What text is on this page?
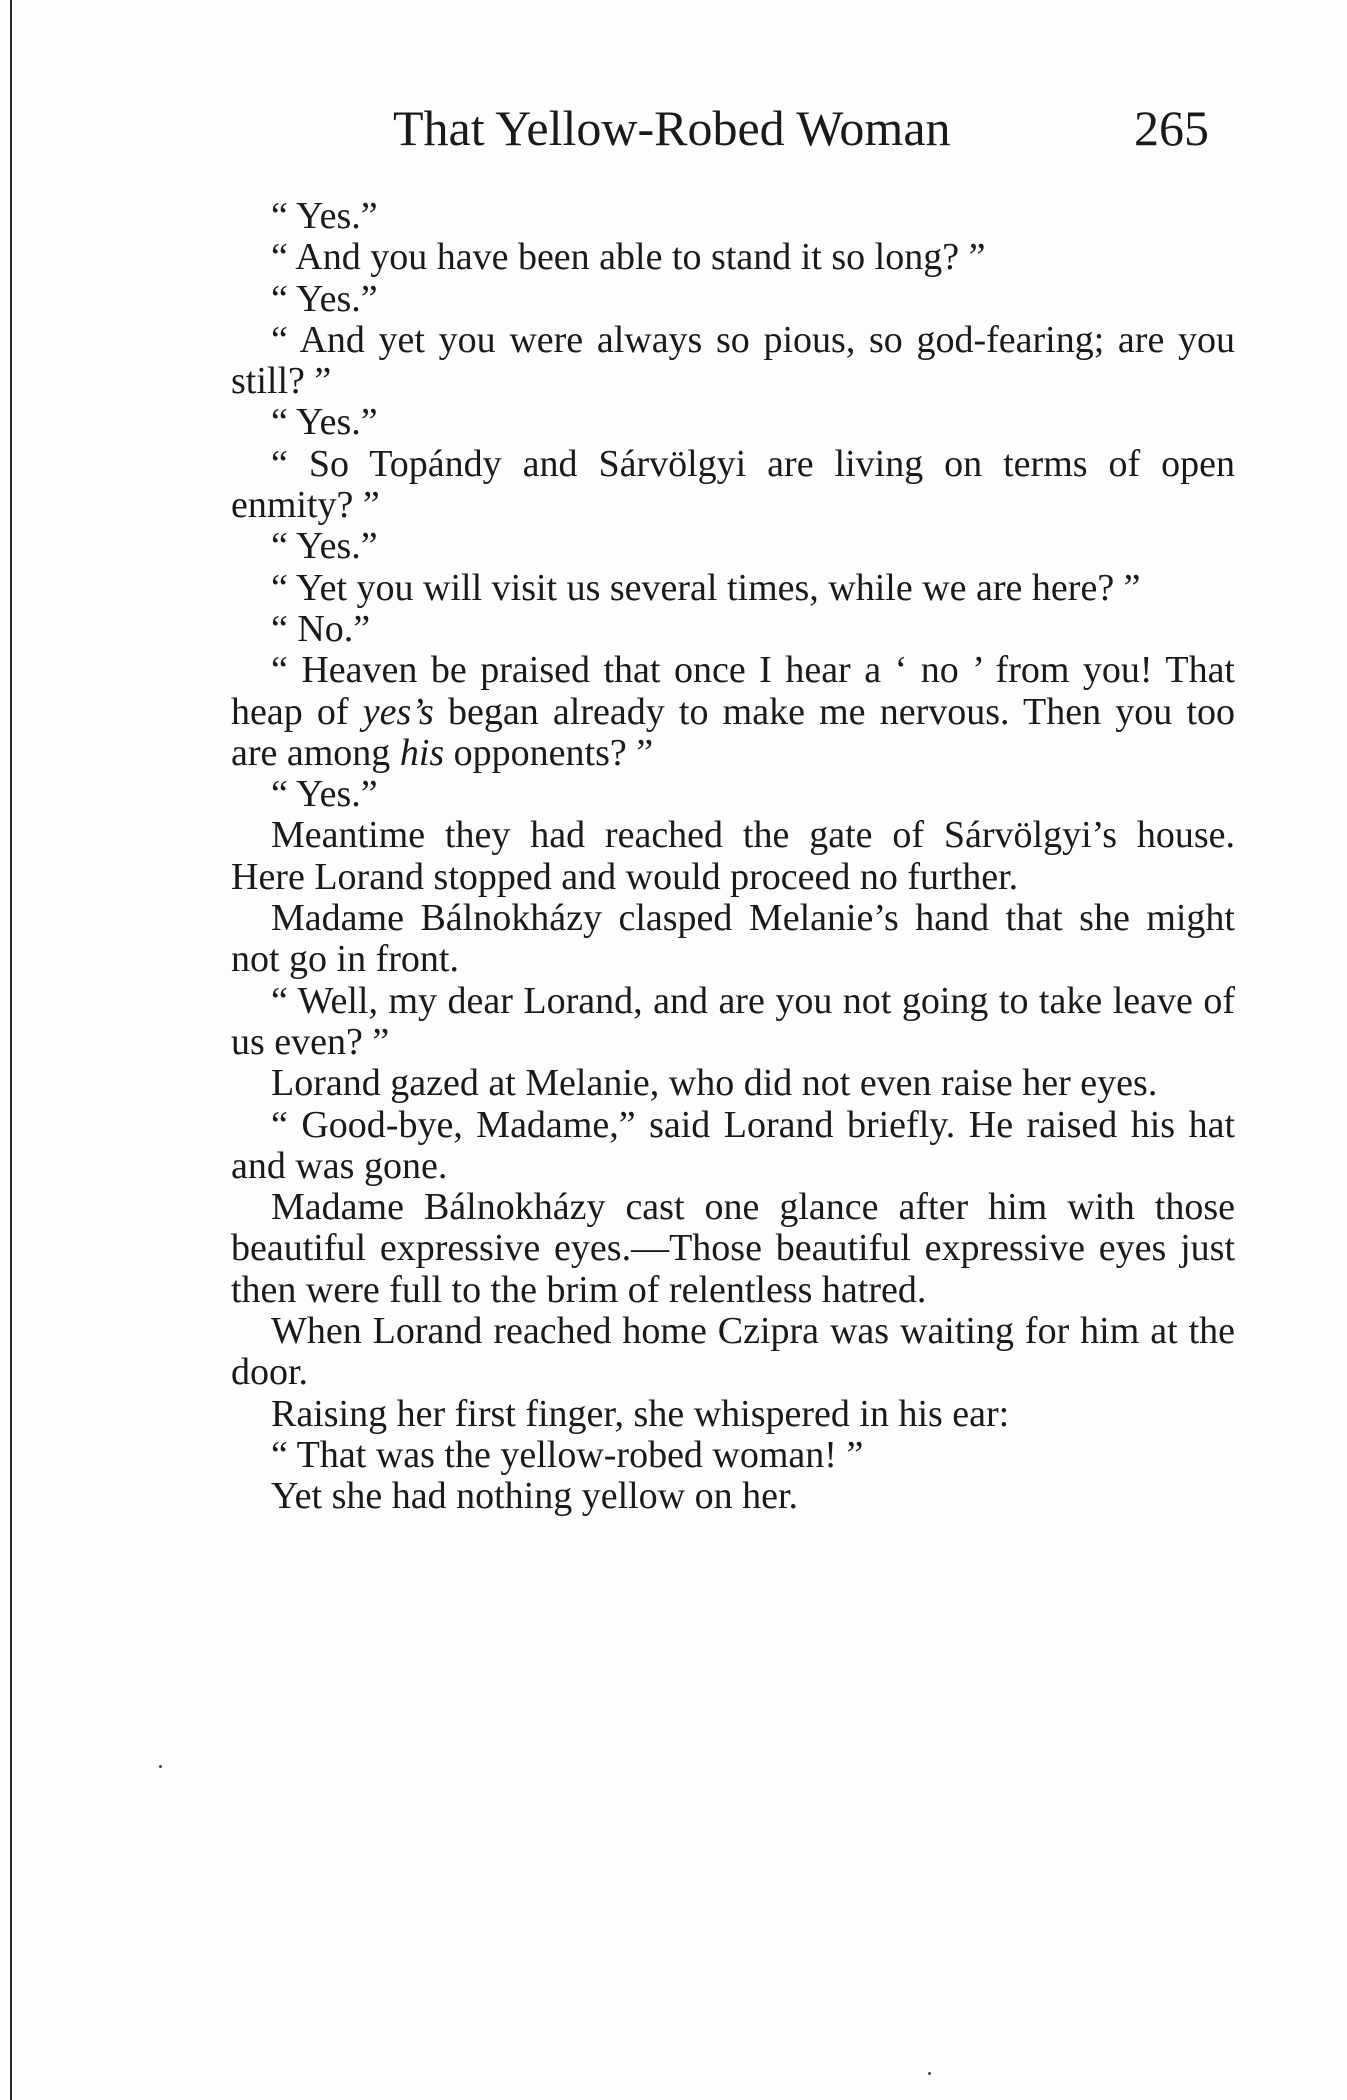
That Yellow-Robed Woman	265

“ Yes.”

“ And you have been able to stand it so long? ”

“ Yes.”

“ And yet you were always so pious, so god-fearing; are you still? ”

“ Yes.”

“ So Topándy and Sárvölgyi are living on terms of open enmity? ”

“ Yes.”

“ Yet you will visit us several times, while we are here? ”

“ No.”

“ Heaven be praised that once I hear a ‘ no ’ from you! That heap of yes’s began already to make me nervous. Then you too are among his opponents? ”

“ Yes.”

Meantime they had reached the gate of Sárvölgyi’s house. Here Lorand stopped and would proceed no further.

Madame Bálnokházy clasped Melanie’s hand that she might not go in front.

“ Well, my dear Lorand, and are you not going to take leave of us even? ”

Lorand gazed at Melanie, who did not even raise her eyes.

“ Good-bye, Madame,” said Lorand briefly. He raised his hat and was gone.

Madame Bálnokházy cast one glance after him with those beautiful expressive eyes.—Those beautiful expressive eyes just then were full to the brim of relentless hatred.

When Lorand reached home Czipra was waiting for him at the door.

Raising her first finger, she whispered in his ear:

“ That was the yellow-robed woman! ”

Yet she had nothing yellow on her.
